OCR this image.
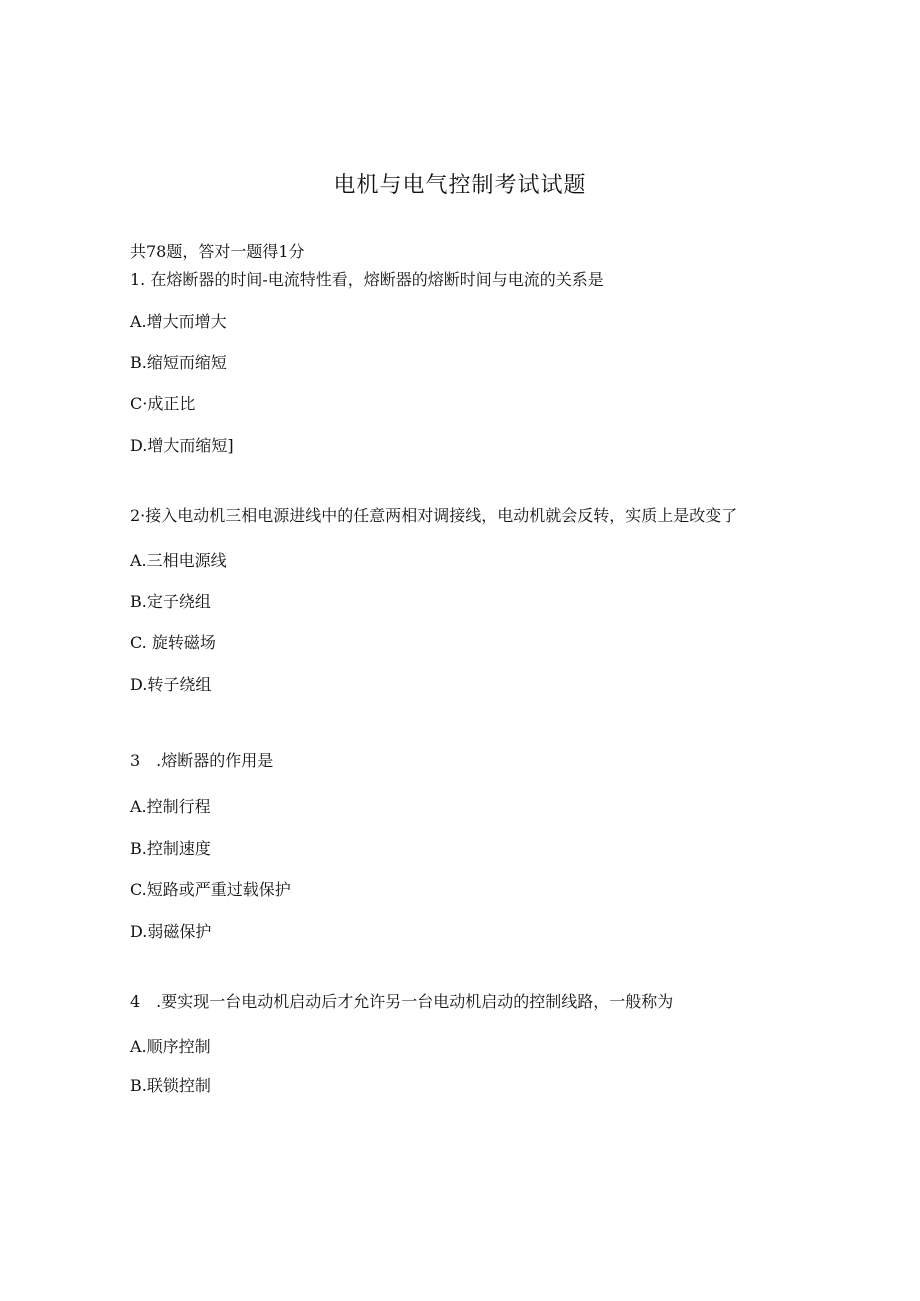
电机与电气控制考试试题
共78题，答对一题得1分
1. 在熔断器的时间-电流特性看，熔断器的熔断时间与电流的关系是
A.增大而增大
B.缩短而缩短
C·成正比
D.增大而缩短]
2·接入电动机三相电源进线中的任意两相对调接线，电动机就会反转，实质上是改变了
A.三相电源线
B.定子绕组
C. 旋转磁场
D.转子绕组
3　.熔断器的作用是
A.控制行程
B.控制速度
C.短路或严重过载保护
D.弱磁保护
4　.要实现一台电动机启动后才允许另一台电动机启动的控制线路，一般称为
A.顺序控制
B.联锁控制
